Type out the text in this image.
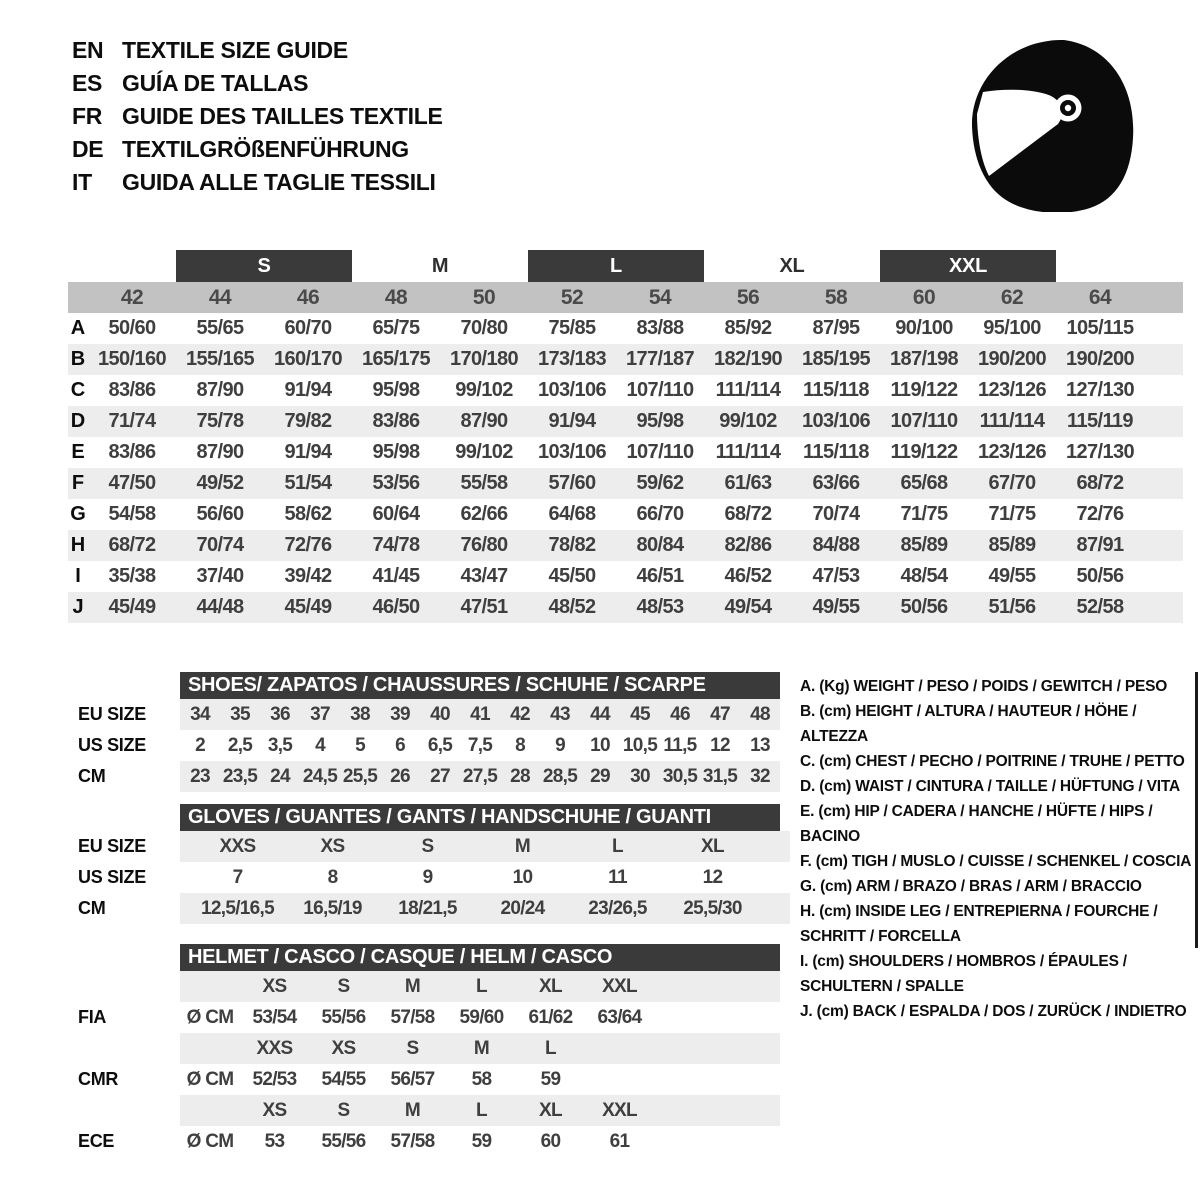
EN TEXTILE SIZE GUIDE
ES GUÍA DE TALLAS
FR GUIDE DES TAILLES TEXTILE
DE TEXTILGRÖßENFÜHRUNG
IT	GUIDA ALLE TAGLIE TESSILI
S	M	L	XL	XXL
42	44	46	48	50	52	54	56	58	60	62	64
A	50/60	55/65	60/70	65/75	70/80	75/85	83/88	85/92	87/95	90/100	95/100	105/115
B 150/160 155/165 160/170 165/175 170/180 173/183 177/187 182/190 185/195 187/198 190/200 190/200
C	83/86	87/90	91/94	95/98	99/102	103/106	107/110	111/114	115/118	119/122	123/126 127/130
D	71/74	75/78	79/82	83/86	87/90	91/94	95/98	99/102	103/106	107/110	111/114	115/119
E	83/86	87/90	91/94	95/98	99/102	103/106	107/110	111/114	115/118	119/122	123/126 127/130
F	47/50	49/52	51/54	53/56	55/58	57/60	59/62	61/63	63/66	65/68	67/70	68/72
G	54/58	56/60	58/62	60/64	62/66	64/68	66/70	68/72	70/74	71/75	71/75	72/76
H	68/72	70/74	72/76	74/78	76/80	78/82	80/84	82/86	84/88	85/89	85/89	87/91
I	35/38	37/40	39/42	41/45	43/47	45/50	46/51	46/52	47/53	48/54	49/55	50/56
J	45/49	44/48	45/49	46/50	47/51	48/52	48/53	49/54	49/55	50/56	51/56	52/58
SHOES/ ZAPATOS / CHAUSSURES / SCHUHE / SCARPE
EU SIZE	34	35	36	37	38	39	40	41	42	43	44	45	46	47	48
US SIZE	2	2,5 3,5	4	5	6	6,5 7,5	8	9	10 10,5 11,5 12	13
CM	23 23,5 24 24,5 25,5 26	27 27,5 28 28,5 29	30 30,5 31,5 32
GLOVES / GUANTES / GANTS / HANDSCHUHE / GUANTI
EU SIZE	XXS	XS	S	M	L	XL
US SIZE	7	8	9	10	11	12
CM	12,5/16,5	16,5/19	18/21,5	20/24	23/26,5	25,5/30
HELMET / CASCO / CASQUE / HELM / CASCO
XS	S	M	L	XL	XXL
FIA	Ø CM	53/54	55/56	57/58	59/60	61/62	63/64
XXS	XS	S	M	L
CMR	Ø CM	52/53	54/55	56/57	58	59
XS	S	M	L	XL	XXL
ECE	Ø CM	53	55/56	57/58	59	60	61
A. (Kg) WEIGHT / PESO / POIDS / GEWITCH / PESO
B. (cm) HEIGHT / ALTURA / HAUTEUR / HÖHE / ALTEZZA
C. (cm) CHEST / PECHO / POITRINE / TRUHE / PETTO
D. (cm) WAIST / CINTURA / TAILLE / HÜFTUNG / VITA
E. (cm) HIP / CADERA / HANCHE / HÜFTE / HIPS / BACINO
F. (cm) TIGH / MUSLO / CUISSE / SCHENKEL / COSCIA
G. (cm) ARM / BRAZO / BRAS / ARM / BRACCIO
H. (cm) INSIDE LEG / ENTREPIERNA / FOURCHE / SCHRITT / FORCELLA
I. (cm) SHOULDERS / HOMBROS / ÉPAULES / SCHULTERN / SPALLE
J. (cm) BACK / ESPALDA / DOS / ZURÜCK / INDIETRO
